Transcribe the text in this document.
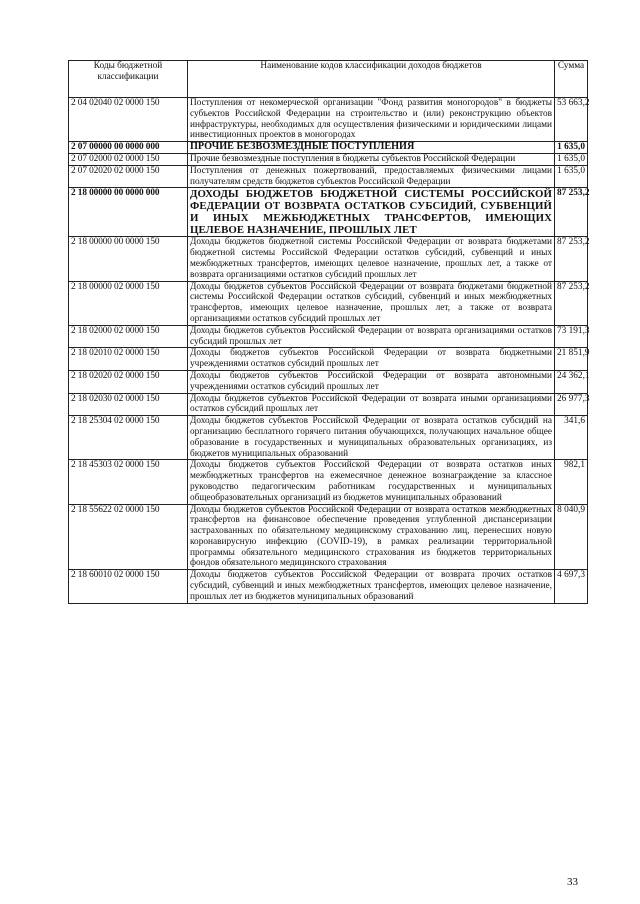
Коды бюджетной классификации	Наименование кодов классификации доходов бюджетов	Сумма
2 04 02040 02 0000 150	Поступления от некомерческой организации "Фонд развития моногородов" в бюджеты субъектов Российской Федерации на строительство и (или) реконструкцию объектов инфраструктуры, необходимых для осуществления физическими и юридическими лицами инвестиционных проектов в моногородах	53 663,2
2 07 00000 00 0000 000	ПРОЧИЕ БЕЗВОЗМЕЗДНЫЕ ПОСТУПЛЕНИЯ	1 635,0
2 07 02000 02 0000 150	Прочие безвозмездные поступления в бюджеты субъектов Российской Федерации	1 635,0
2 07 02020 02 0000 150	Поступления от денежных пожертвований, предоставляемых физическими лицами получателям средств бюджетов субъектов Российской Федерации	1 635,0
2 18 00000 00 0000 000	ДОХОДЫ БЮДЖЕТОВ БЮДЖЕТНОЙ СИСТЕМЫ РОССИЙСКОЙ ФЕДЕРАЦИИ ОТ ВОЗВРАТА ОСТАТКОВ СУБСИДИЙ, СУБВЕНЦИЙ И ИНЫХ МЕЖБЮДЖЕТНЫХ ТРАНСФЕРТОВ, ИМЕЮЩИХ ЦЕЛЕВОЕ НАЗНАЧЕНИЕ, ПРОШЛЫХ ЛЕТ	87 253,2
2 18 00000 00 0000 150	Доходы бюджетов бюджетной системы Российской Федерации от возврата бюджетами бюджетной системы Российской Федерации остатков субсидий, субвенций и иных межбюджетных трансфертов, имеющих целевое назначение, прошлых лет, а также от возврата организациями остатков субсидий прошлых лет	87 253,2
2 18 00000 02 0000 150	Доходы бюджетов субъектов Российской Федерации от возврата бюджетами бюджетной системы Российской Федерации остатков субсидий, субвенций и иных межбюджетных трансфертов, имеющих целевое назначение, прошлых лет, а также от возврата организациями остатков субсидий прошлых лет	87 253,2
2 18 02000 02 0000 150	Доходы бюджетов субъектов Российской Федерации от возврата организациями остатков субсидий прошлых лет	73 191,3
2 18 02010 02 0000 150	Доходы бюджетов субъектов Российской Федерации от возврата бюджетными учреждениями остатков субсидий прошлых лет	21 851,9
2 18 02020 02 0000 150	Доходы бюджетов субъектов Российской Федерации от возврата автономными учреждениями остатков субсидий прошлых лет	24 362,1
2 18 02030 02 0000 150	Доходы бюджетов субъектов Российской Федерации от возврата иными организациями остатков субсидий прошлых лет	26 977,3
2 18 25304 02 0000 150	Доходы бюджетов субъектов Российской Федерации от возврата остатков субсидий на организацию бесплатного горячего питания обучающихся, получающих начальное общее образование в государственных и муниципальных образовательных организациях, из бюджетов муниципальных образований	341,6
2 18 45303 02 0000 150	Доходы бюджетов субъектов Российской Федерации от возврата остатков иных межбюджетных трансфертов на ежемесячное денежное вознаграждение за классное руководство педагогическим работникам государственных и муниципальных общеобразовательных организаций из бюджетов муниципальных образований	982,1
2 18 55622 02 0000 150	Доходы бюджетов субъектов Российской Федерации от возврата остатков межбюджетных трансфертов на финансовое обеспечение проведения углубленной диспансеризации застрахованных по обязательному медицинскому страхованию лиц, перенесших новую коронавирусную инфекцию (COVID-19), в рамках реализации территориальной программы обязательного медицинского страхования из бюджетов территориальных фондов обязательного медицинского страхования	8 040,9
2 18 60010 02 0000 150	Доходы бюджетов субъектов Российской Федерации от возврата прочих остатков субсидий, субвенций и иных межбюджетных трансфертов, имеющих целевое назначение, прошлых лет из бюджетов муниципальных образований	4 697,3
33
